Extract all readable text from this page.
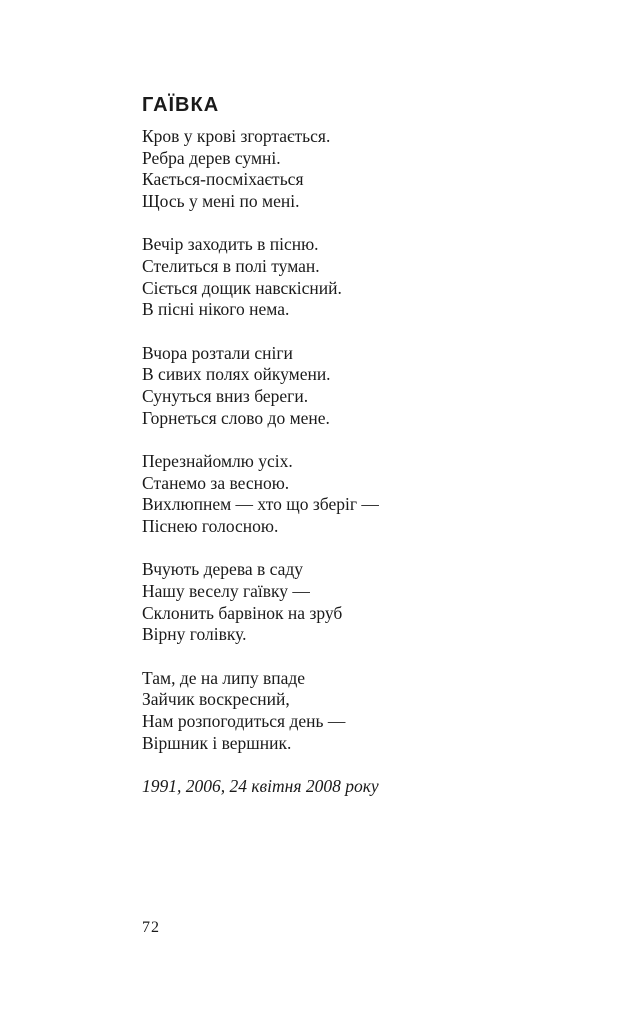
ГАЇВКА
Кров у крові згортається.
Ребра дерев сумні.
Кається-посміхається
Щось у мені по мені.
Вечір заходить в пісню.
Стелиться в полі туман.
Сіється дощик навскісний.
В пісні нікого нема.
Вчора розтали сніги
В сивих полях ойкумени.
Сунуться вниз береги.
Горнеться слово до мене.
Перезнайомлю усіх.
Станемо за весною.
Вихлюпнем — хто що зберіг —
Піснею голосною.
Вчують дерева в саду
Нашу веселу гаївку —
Склонить барвінок на зруб
Вірну голівку.
Там, де на липу впаде
Зайчик воскресний,
Нам розпогодиться день —
Віршник і вершник.
1991, 2006, 24 квітня 2008 року
72
